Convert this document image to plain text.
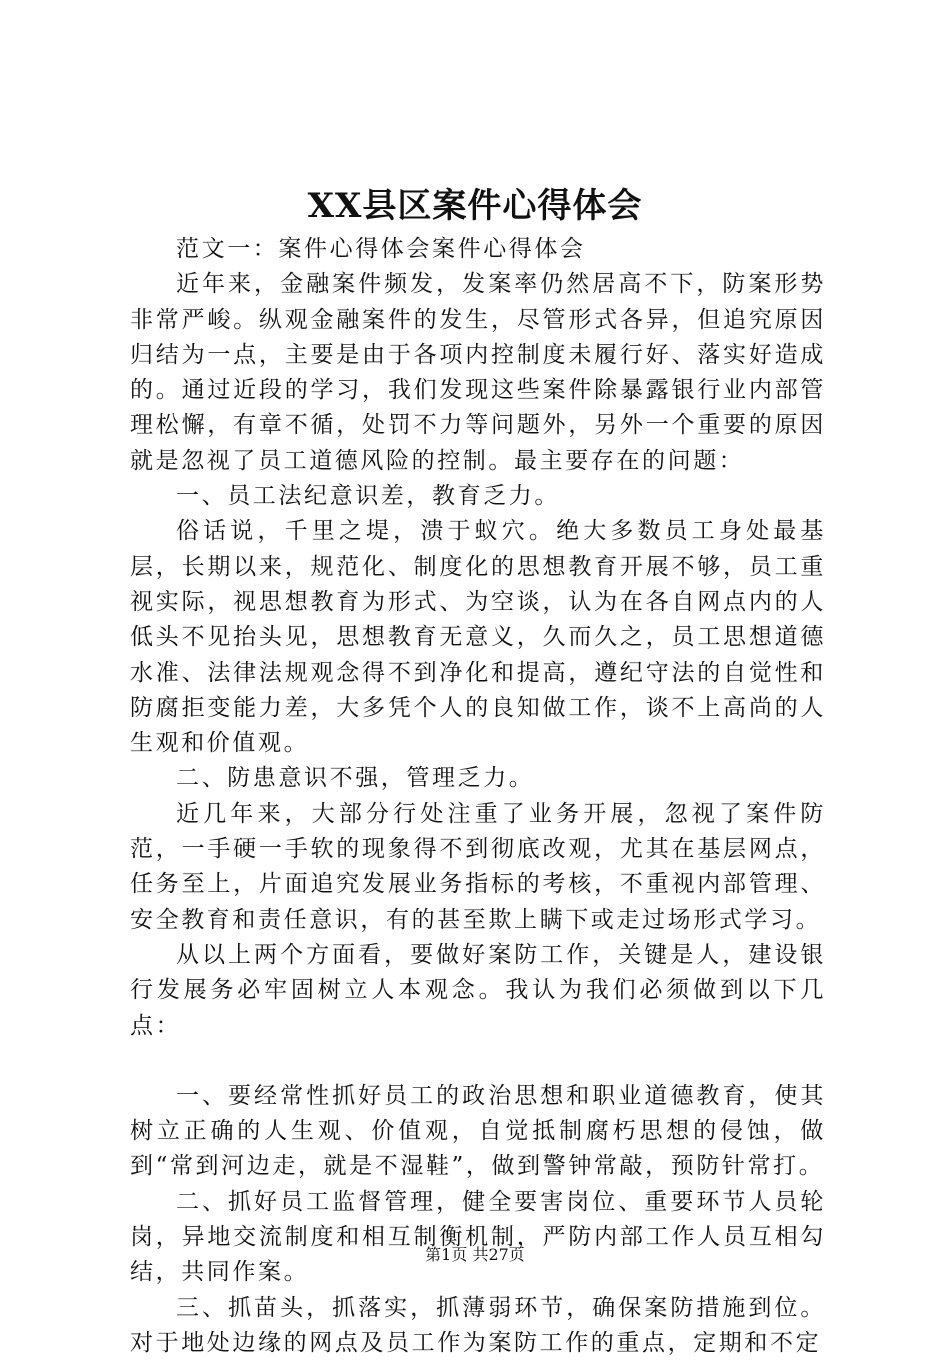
XX县区案件心得体会

范文一：案件心得体会案件心得体会

近年来，金融案件频发，发案率仍然居高不下，防案形势非常严峻。纵观金融案件的发生，尽管形式各异，但追究原因归结为一点，主要是由于各项内控制度未履行好、落实好造成的。通过近段的学习，我们发现这些案件除暴露银行业内部管理松懈，有章不循，处罚不力等问题外，另外一个重要的原因就是忽视了员工道德风险的控制。最主要存在的问题：

一、员工法纪意识差，教育乏力。

俗话说，千里之堤，溃于蚁穴。绝大多数员工身处最基层，长期以来，规范化、制度化的思想教育开展不够，员工重视实际，视思想教育为形式、为空谈，认为在各自网点内的人低头不见抬头见，思想教育无意义，久而久之，员工思想道德水准、法律法规观念得不到净化和提高，遵纪守法的自觉性和防腐拒变能力差，大多凭个人的良知做工作，谈不上高尚的人生观和价值观。

二、防患意识不强，管理乏力。

近几年来，大部分行处注重了业务开展，忽视了案件防范，一手硬一手软的现象得不到彻底改观，尤其在基层网点，任务至上，片面追究发展业务指标的考核，不重视内部管理、安全教育和责任意识，有的甚至欺上瞒下或走过场形式学习。

从以上两个方面看，要做好案防工作，关键是人，建设银行发展务必牢固树立人本观念。我认为我们必须做到以下几点：

一、要经常性抓好员工的政治思想和职业道德教育，使其树立正确的人生观、价值观，自觉抵制腐朽思想的侵蚀，做到“常到河边走，就是不湿鞋”，做到警钟常敲，预防针常打。

二、抓好员工监督管理，健全要害岗位、重要环节人员轮岗，异地交流制度和相互制衡机制，严防内部工作人员互相勾结，共同作案。

三、抓苗头，抓落实，抓薄弱环节，确保案防措施到位。对于地处边缘的网点及员工作为案防工作的重点，定期和不定

第1页 共27页
